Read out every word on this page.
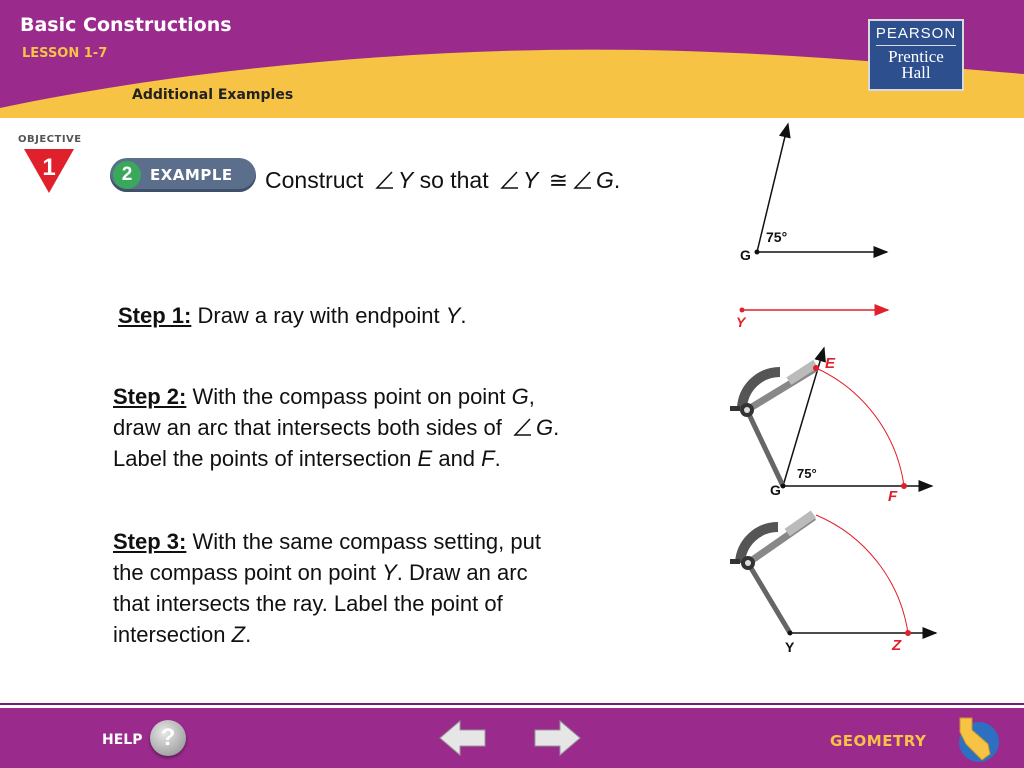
Basic Constructions
LESSON 1-7
Additional Examples
PEARSON
Prentice
Hall
OBJECTIVE
1	2	EXAMPLE Construct Y so that Y ≅ G.
Step 1: Draw a ray with endpoint Y.
Step 2: With the compass point on point G,
draw an arc that intersects both sides of G.
Label the points of intersection E and F.
Step 3: With the same compass setting, put
the compass point on point Y. Draw an arc
that intersects the ray. Label the point of
intersection Z.
G
75°
Y
E
F
G
75°
Y	Z
HELP ?	GEOMETRY
